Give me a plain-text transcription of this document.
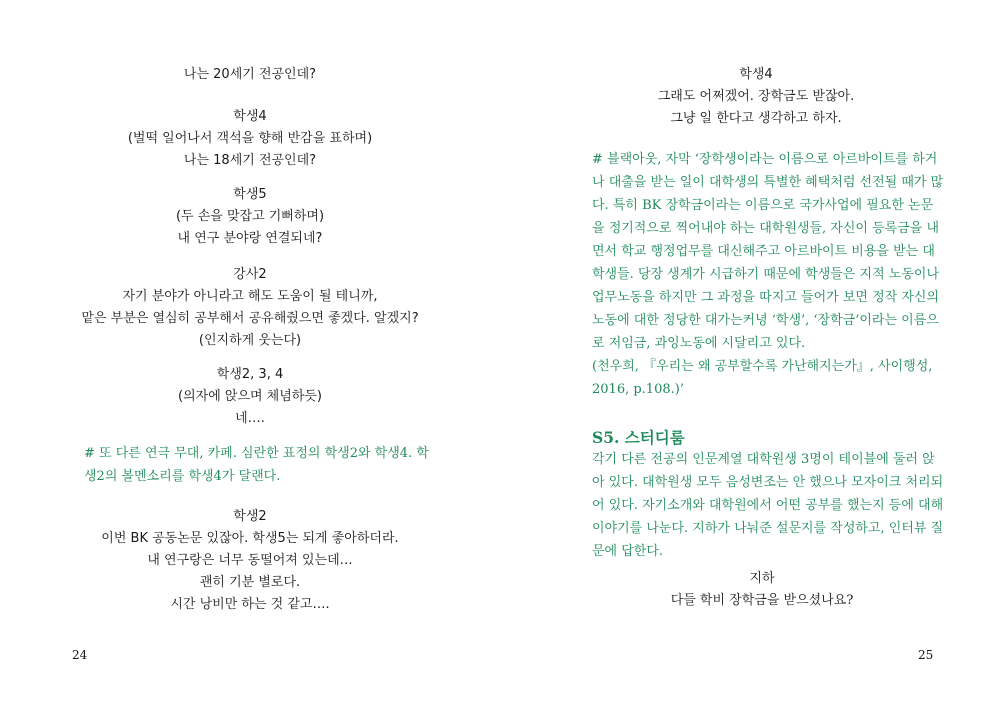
나는 20세기 전공인데?
학생4
(벌떡 일어나서 객석을 향해 반감을 표하며)
나는 18세기 전공인데?
학생5
(두 손을 맞잡고 기뻐하며)
내 연구 분야랑 연결되네?
강사2
자기 분야가 아니라고 해도 도움이 될 테니까,
맡은 부분은 열심히 공부해서 공유해줬으면 좋겠다. 알겠지?
(인지하게 웃는다)
학생2, 3, 4
(의자에 앉으며 체념하듯)
네….
# 또 다른 연극 무대, 카페. 심란한 표정의 학생2와 학생4. 학
생2의 볼멘소리를 학생4가 달랜다.
학생2
이번 BK 공동논문 있잖아. 학생5는 되게 좋아하더라.
내 연구랑은 너무 동떨어져 있는데…
괜히 기분 별로다.
시간 낭비만 하는 것 같고….
24
학생4
그래도 어쩌겠어. 장학금도 받잖아.
그냥 일 한다고 생각하고 하자.
# 블랙아웃, 자막 ‘장학생이라는 이름으로 아르바이트를 하거
나 대출을 받는 일이 대학생의 특별한 혜택처럼 선전될 때가 많
다. 특히 BK 장학금이라는 이름으로 국가사업에 필요한 논문
을 정기적으로 찍어내야 하는 대학원생들, 자신이 등록금을 내
면서 학교 행정업무를 대신해주고 아르바이트 비용을 받는 대
학생들. 당장 생계가 시급하기 때문에 학생들은 지적 노동이나
업무노동을 하지만 그 과정을 따지고 들어가 보면 정작 자신의
노동에 대한 정당한 대가는커녕 ‘학생’, ‘장학금’이라는 이름으
로 저임금, 과잉노동에 시달리고 있다.
(천우희, 『우리는 왜 공부할수록 가난해지는가』, 사이행성,
2016, p.108.)’
S5. 스터디룸
각기 다른 전공의 인문계열 대학원생 3명이 테이블에 둘러 앉
아 있다. 대학원생 모두 음성변조는 안 했으나 모자이크 처리되
어 있다. 자기소개와 대학원에서 어떤 공부를 했는지 등에 대해
이야기를 나눈다. 지하가 나눠준 설문지를 작성하고, 인터뷰 질
문에 답한다.
지하
다들 학비 장학금을 받으셨나요?
25
